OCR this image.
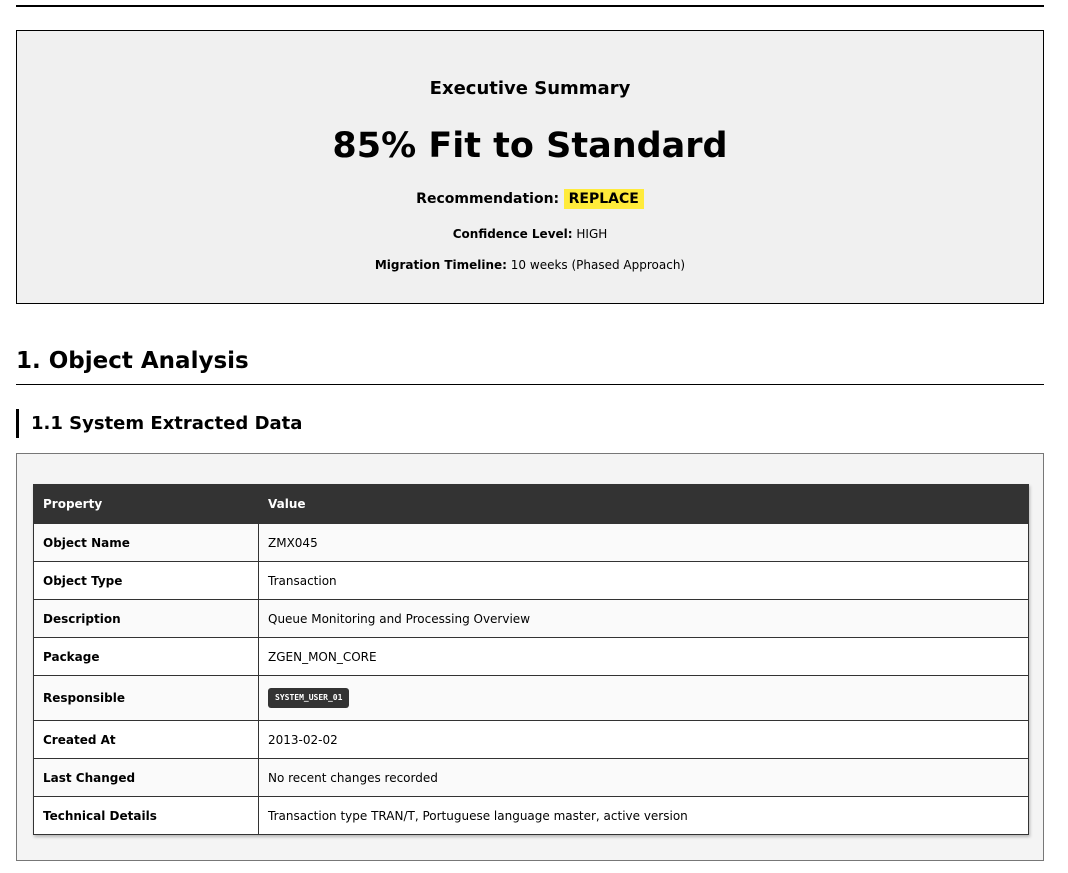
Executive Summary
85% Fit to Standard
Recommendation: REPLACE
Confidence Level: HIGH
Migration Timeline: 10 weeks (Phased Approach)
1. Object Analysis
1.1 System Extracted Data
Property	Value
Object Name	ZMX045
Object Type	Transaction
Description	Queue Monitoring and Processing Overview
Package	ZGEN_MON_CORE
Responsible	SYSTEM_USER_01
Created At	2013-02-02
Last Changed	No recent changes recorded
Technical Details	Transaction type TRAN/T, Portuguese language master, active version
